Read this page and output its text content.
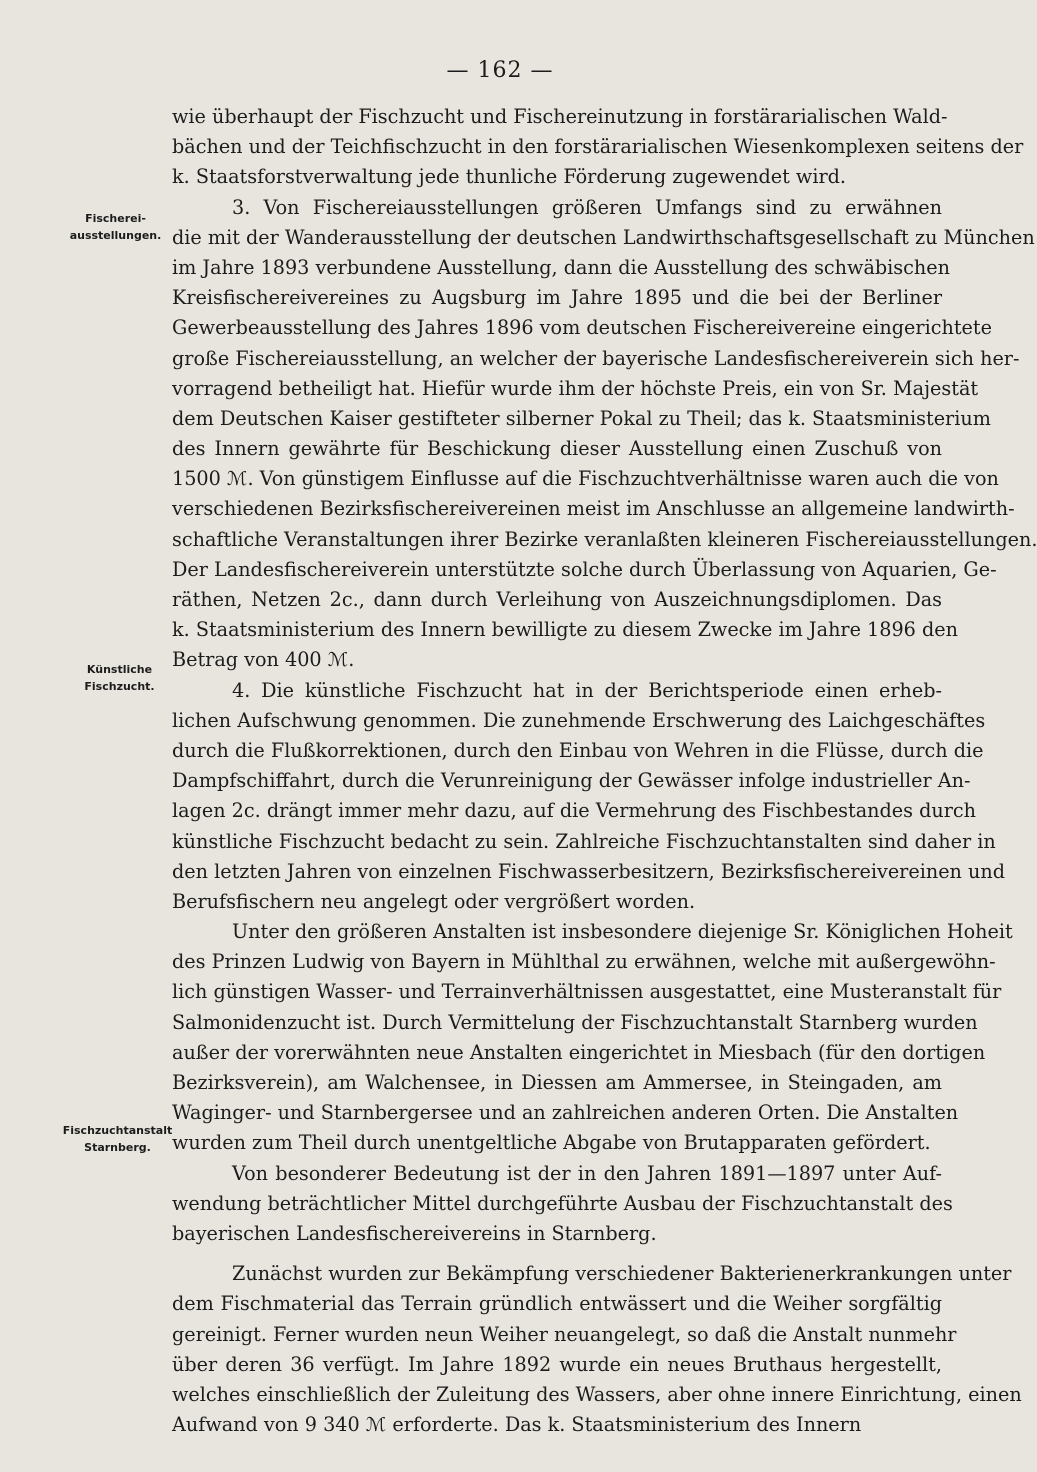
— 162 —
Fischerei-
ausstellungen.
Künstliche
Fischzucht.
Fischzuchtanstalt
Starnberg.
wie überhaupt der Fischzucht und Fischereinutzung in forstärarialischen Wald-
bächen und der Teichfischzucht in den forstärarialischen Wiesenkomplexen seitens der
k. Staatsforstverwaltung jede thunliche Förderung zugewendet wird.
3. Von Fischereiausstellungen größeren Umfangs sind zu erwähnen
die mit der Wanderausstellung der deutschen Landwirthschaftsgesellschaft zu München
im Jahre 1893 verbundene Ausstellung, dann die Ausstellung des schwäbischen
Kreisfischereivereines zu Augsburg im Jahre 1895 und die bei der Berliner
Gewerbeausstellung des Jahres 1896 vom deutschen Fischereivereine eingerichtete
große Fischereiausstellung, an welcher der bayerische Landesfischereiverein sich her-
vorragend betheiligt hat. Hiefür wurde ihm der höchste Preis, ein von Sr. Majestät
dem Deutschen Kaiser gestifteter silberner Pokal zu Theil; das k. Staatsministerium
des Innern gewährte für Beschickung dieser Ausstellung einen Zuschuß von
1500 ℳ. Von günstigem Einflusse auf die Fischzuchtverhältnisse waren auch die von
verschiedenen Bezirksfischereivereinen meist im Anschlusse an allgemeine landwirth-
schaftliche Veranstaltungen ihrer Bezirke veranlaßten kleineren Fischereiausstellungen.
Der Landesfischereiverein unterstützte solche durch Überlassung von Aquarien, Ge-
räthen, Netzen 2c., dann durch Verleihung von Auszeichnungsdiplomen. Das
k. Staatsministerium des Innern bewilligte zu diesem Zwecke im Jahre 1896 den
Betrag von 400 ℳ.
4. Die künstliche Fischzucht hat in der Berichtsperiode einen erheb-
lichen Aufschwung genommen. Die zunehmende Erschwerung des Laichgeschäftes
durch die Flußkorrektionen, durch den Einbau von Wehren in die Flüsse, durch die
Dampfschiffahrt, durch die Verunreinigung der Gewässer infolge industrieller An-
lagen 2c. drängt immer mehr dazu, auf die Vermehrung des Fischbestandes durch
künstliche Fischzucht bedacht zu sein. Zahlreiche Fischzuchtanstalten sind daher in
den letzten Jahren von einzelnen Fischwasserbesitzern, Bezirksfischereivereinen und
Berufsfischern neu angelegt oder vergrößert worden.
Unter den größeren Anstalten ist insbesondere diejenige Sr. Königlichen Hoheit
des Prinzen Ludwig von Bayern in Mühlthal zu erwähnen, welche mit außergewöhn-
lich günstigen Wasser- und Terrainverhältnissen ausgestattet, eine Musteranstalt für
Salmonidenzucht ist. Durch Vermittelung der Fischzuchtanstalt Starnberg wurden
außer der vorerwähnten neue Anstalten eingerichtet in Miesbach (für den dortigen
Bezirksverein), am Walchensee, in Diessen am Ammersee, in Steingaden, am
Waginger- und Starnbergersee und an zahlreichen anderen Orten. Die Anstalten
wurden zum Theil durch unentgeltliche Abgabe von Brutapparaten gefördert.
Von besonderer Bedeutung ist der in den Jahren 1891—1897 unter Auf-
wendung beträchtlicher Mittel durchgeführte Ausbau der Fischzuchtanstalt des
bayerischen Landesfischereivereins in Starnberg.
Zunächst wurden zur Bekämpfung verschiedener Bakterienerkrankungen unter
dem Fischmaterial das Terrain gründlich entwässert und die Weiher sorgfältig
gereinigt. Ferner wurden neun Weiher neuangelegt, so daß die Anstalt nunmehr
über deren 36 verfügt. Im Jahre 1892 wurde ein neues Bruthaus hergestellt,
welches einschließlich der Zuleitung des Wassers, aber ohne innere Einrichtung, einen
Aufwand von 9 340 ℳ erforderte. Das k. Staatsministerium des Innern
